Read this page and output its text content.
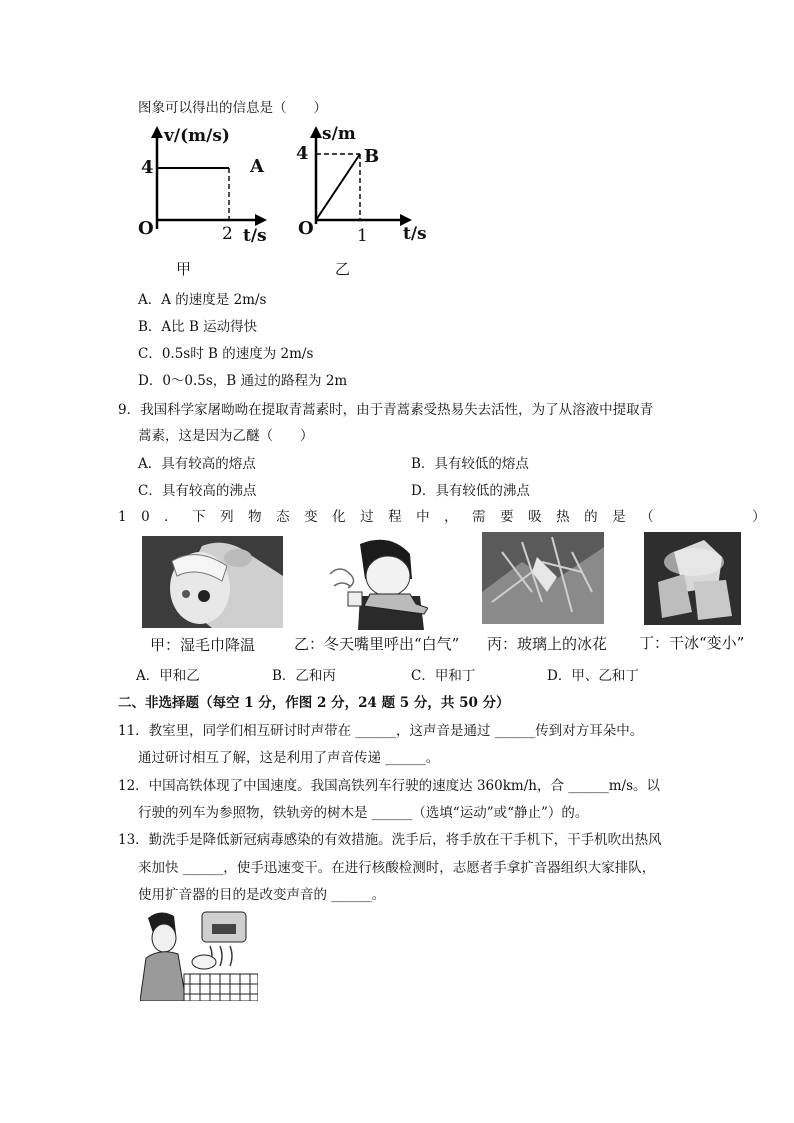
图象可以得出的信息是（　　）
v/(m/s)
4	A
O	2 t/s
甲
s/m
4	B
O	1 t/s
乙
A．A 的速度是 2m/s
B．A比 B 运动得快
C．0.5s时 B 的速度为 2m/s
D．0～0.5s，B 通过的路程为 2m
9．我国科学家屠呦呦在提取青蒿素时，由于青蒿素受热易失去活性，为了从溶液中提取青
蒿素，这是因为乙醚（　　）
A．具有较高的熔点	B．具有较低的熔点
C．具有较高的沸点	D．具有较低的沸点
10．下列物态变化过程中，需要吸热的是（　　　）
甲：湿毛巾降温	乙：冬天嘴里呼出“白气” 丙：玻璃上的冰花 丁：干冰“变小”
A．甲和乙	B．乙和丙	C．甲和丁	D．甲、乙和丁
二、非选择题（每空 1 分，作图 2 分，24 题 5 分，共 50 分）
11．教室里，同学们相互研讨时声带在 ______，这声音是通过 ______传到对方耳朵中。
通过研讨相互了解，这是利用了声音传递 ______。
12．中国高铁体现了中国速度。我国高铁列车行驶的速度达 360km/h，合 ______m/s。以
行驶的列车为参照物，铁轨旁的树木是 ______（选填“运动”或“静止”）的。
13．勤洗手是降低新冠病毒感染的有效措施。洗手后，将手放在干手机下，干手机吹出热风
来加快 ______，使手迅速变干。在进行核酸检测时，志愿者手拿扩音器组织大家排队，
使用扩音器的目的是改变声音的 ______。
